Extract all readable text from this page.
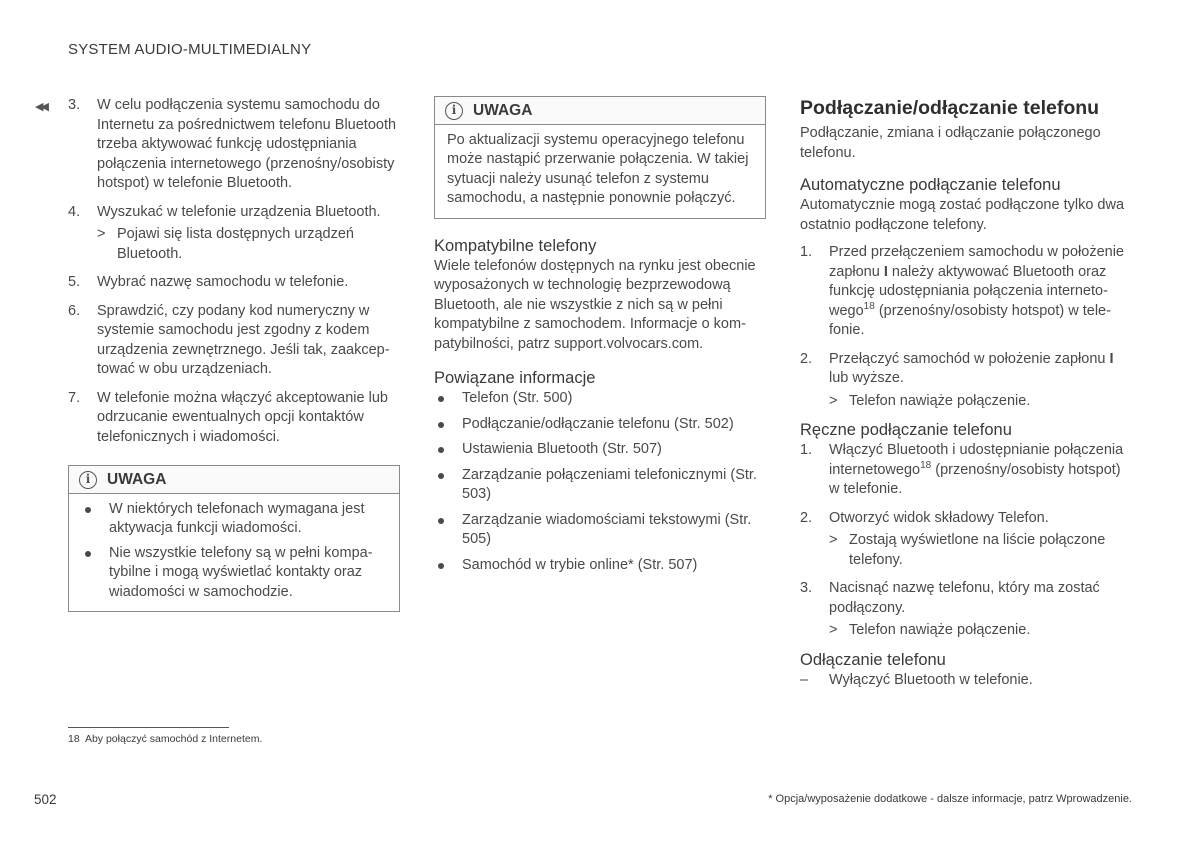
SYSTEM AUDIO-MULTIMEDIALNY
◀◀ 3. W celu podłączenia systemu samochodu do Internetu za pośrednictwem telefonu Bluetooth trzeba aktywować funkcję udostępniania połączenia internetowego (przenośny/osobisty hotspot) w telefonie Bluetooth.
4. Wyszukać w telefonie urządzenia Bluetooth.
> Pojawi się lista dostępnych urządzeń Bluetooth.
5. Wybrać nazwę samochodu w telefonie.
6. Sprawdzić, czy podany kod numeryczny w systemie samochodu jest zgodny z kodem urządzenia zewnętrznego. Jeśli tak, zaakceptować w obu urządzeniach.
7. W telefonie można włączyć akceptowanie lub odrzucanie ewentualnych opcji kontaktów telefonicznych i wiadomości.
i	UWAGA
W niektórych telefonach wymagana jest aktywacja funkcji wiadomości.
Nie wszystkie telefony są w pełni kompatybilne i mogą wyświetlać kontakty oraz wiadomości w samochodzie.
i	UWAGA

Po aktualizacji systemu operacyjnego telefonu może nastąpić przerwanie połączenia. W takiej sytuacji należy usunąć telefon z systemu samochodu, a następnie ponownie połączyć.

Kompatybilne telefony

Wiele telefonów dostępnych na rynku jest obecnie wyposażonych w technologię bezprzewodową Bluetooth, ale nie wszystkie z nich są w pełni kompatybilne z samochodem. Informacje o kompatybilności, patrz support.volvocars.com.

Powiązane informacje
Telefon (Str. 500)
Podłączanie/odłączanie telefonu (Str. 502)
Ustawienia Bluetooth (Str. 507)
Zarządzanie połączeniami telefonicznymi (Str. 503)
Zarządzanie wiadomościami tekstowymi (Str. 505)
Samochód w trybie online* (Str. 507)
Podłączanie/odłączanie telefonu

Podłączanie, zmiana i odłączanie połączonego telefonu.

Automatyczne podłączanie telefonu

Automatycznie mogą zostać podłączone tylko dwa ostatnio podłączone telefony.

1. Przed przełączeniem samochodu w położenie zapłonu I należy aktywować Bluetooth oraz funkcję udostępniania połączenia internetowego$^{18}$ (przenośny/osobisty hotspot) w telefonie.
2. Przełączyć samochód w położenie zapłonu I lub wyższe.
> Telefon nawiąże połączenie.
Ręczne podłączanie telefonu
1. Włączyć Bluetooth i udostępnianie połączenia internetowego$^{18}$ (przenośny/osobisty hotspot) w telefonie.
2. Otworzyć widok składowy Telefon.
> Zostają wyświetlone na liście połączone telefony.
3. Nacisnąć nazwę telefonu, który ma zostać podłączony.
> Telefon nawiąże połączenie.
Odłączanie telefonu
– Wyłączyć Bluetooth w telefonie.
18 Aby połączyć samochód z Internetem.
502	* Opcja/wyposażenie dodatkowe - dalsze informacje, patrz Wprowadzenie.
